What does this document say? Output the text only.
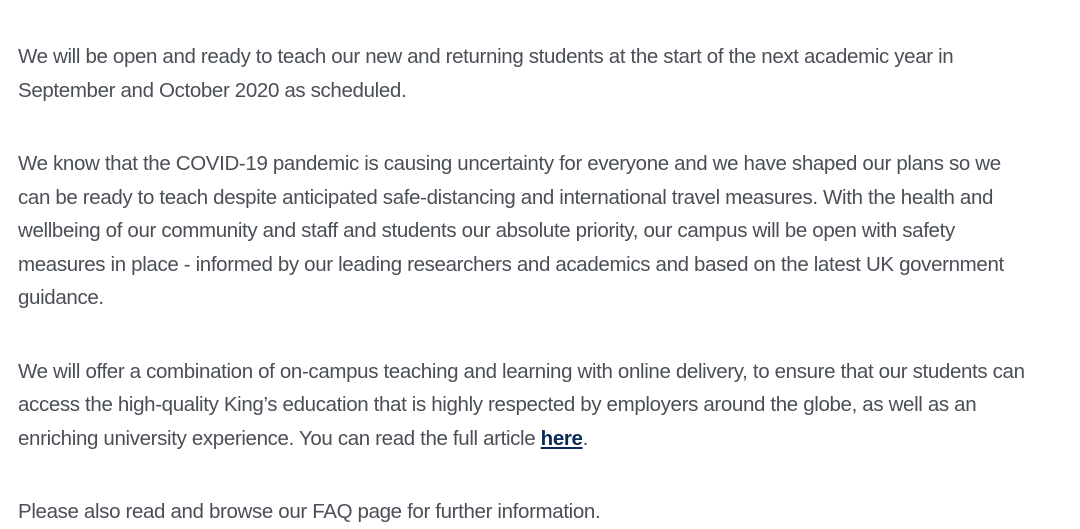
We will be open and ready to teach our new and returning students at the start of the next academic year in September and October 2020 as scheduled.

We know that the COVID-19 pandemic is causing uncertainty for everyone and we have shaped our plans so we can be ready to teach despite anticipated safe-distancing and international travel measures. With the health and wellbeing of our community and staff and students our absolute priority, our campus will be open with safety measures in place - informed by our leading researchers and academics and based on the latest UK government guidance.

We will offer a combination of on-campus teaching and learning with online delivery, to ensure that our students can access the high-quality King’s education that is highly respected by employers around the globe, as well as an enriching university experience. You can read the full article here.

Please also read and browse our FAQ page for further information.
